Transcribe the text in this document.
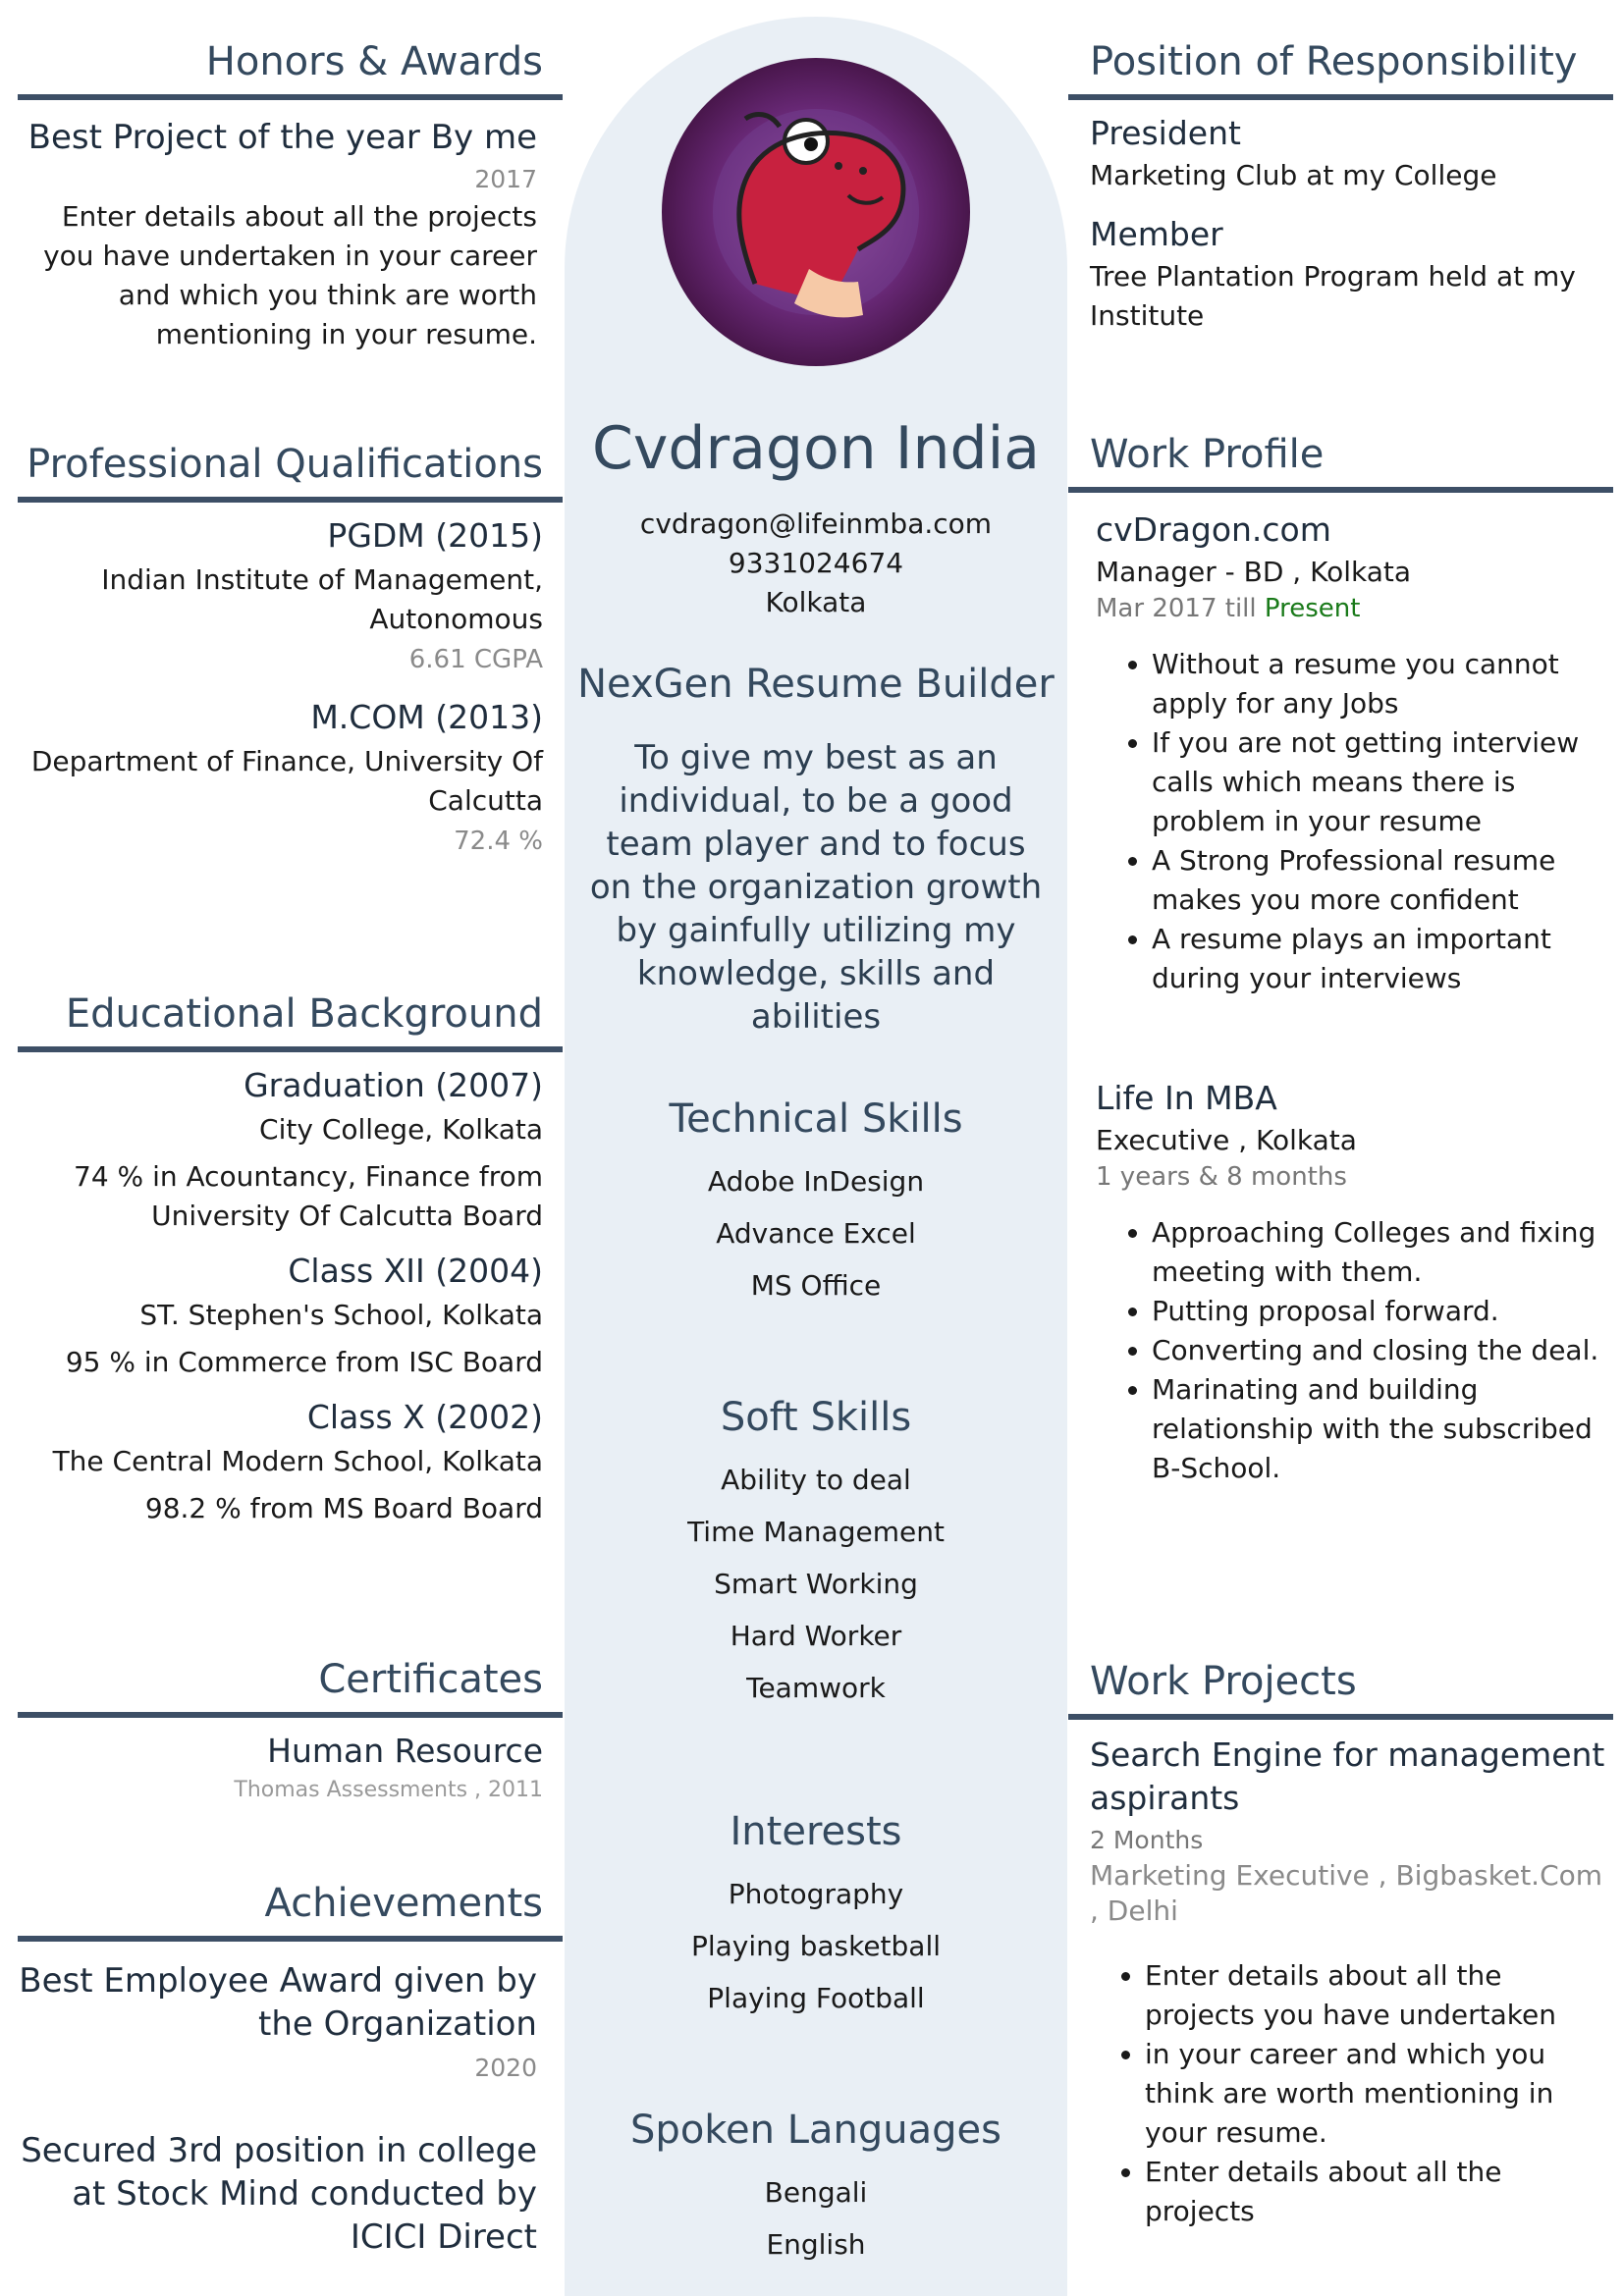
Honors & Awards
Best Project of the year By me
2017
Enter details about all the projects you have undertaken in your career and which you think are worth mentioning in your resume.
Professional Qualifications
PGDM (2015)
Indian Institute of Management, Autonomous
6.61 CGPA
M.COM (2013)
Department of Finance, University Of Calcutta
72.4 %
Educational Background
Graduation (2007)
City College, Kolkata
74 % in Acountancy, Finance from University Of Calcutta Board
Class XII (2004)
ST. Stephen's School, Kolkata
95 % in Commerce from ISC Board
Class X (2002)
The Central Modern School, Kolkata
98.2 % from MS Board Board
Certificates
Human Resource
Thomas Assessments , 2011
Achievements
Best Employee Award given by the Organization
2020
Secured 3rd position in college at Stock Mind conducted by ICICI Direct
Cvdragon India
cvdragon@lifeinmba.com
9331024674
Kolkata
NexGen Resume Builder
To give my best as an individual, to be a good team player and to focus on the organization growth by gainfully utilizing my knowledge, skills and abilities
Technical Skills
Adobe InDesign
Advance Excel
MS Office
Soft Skills
Ability to deal
Time Management
Smart Working
Hard Worker
Teamwork
Interests
Photography
Playing basketball
Playing Football
Spoken Languages
Bengali
English
Position of Responsibility
President
Marketing Club at my College
Member
Tree Plantation Program held at my Institute
Work Profile
cvDragon.com
Manager - BD , Kolkata
Mar 2017 till Present
• Without a resume you cannot apply for any Jobs
• If you are not getting interview calls which means there is problem in your resume
• A Strong Professional resume makes you more confident
• A resume plays an important during your interviews
Life In MBA
Executive , Kolkata
1 years & 8 months
• Approaching Colleges and fixing meeting with them.
• Putting proposal forward.
• Converting and closing the deal.
• Marinating and building relationship with the subscribed B-School.
Work Projects
Search Engine for management aspirants
2 Months
Marketing Executive , Bigbasket.Com , Delhi
• Enter details about all the projects you have undertaken
• in your career and which you think are worth mentioning in your resume.
• Enter details about all the projects
